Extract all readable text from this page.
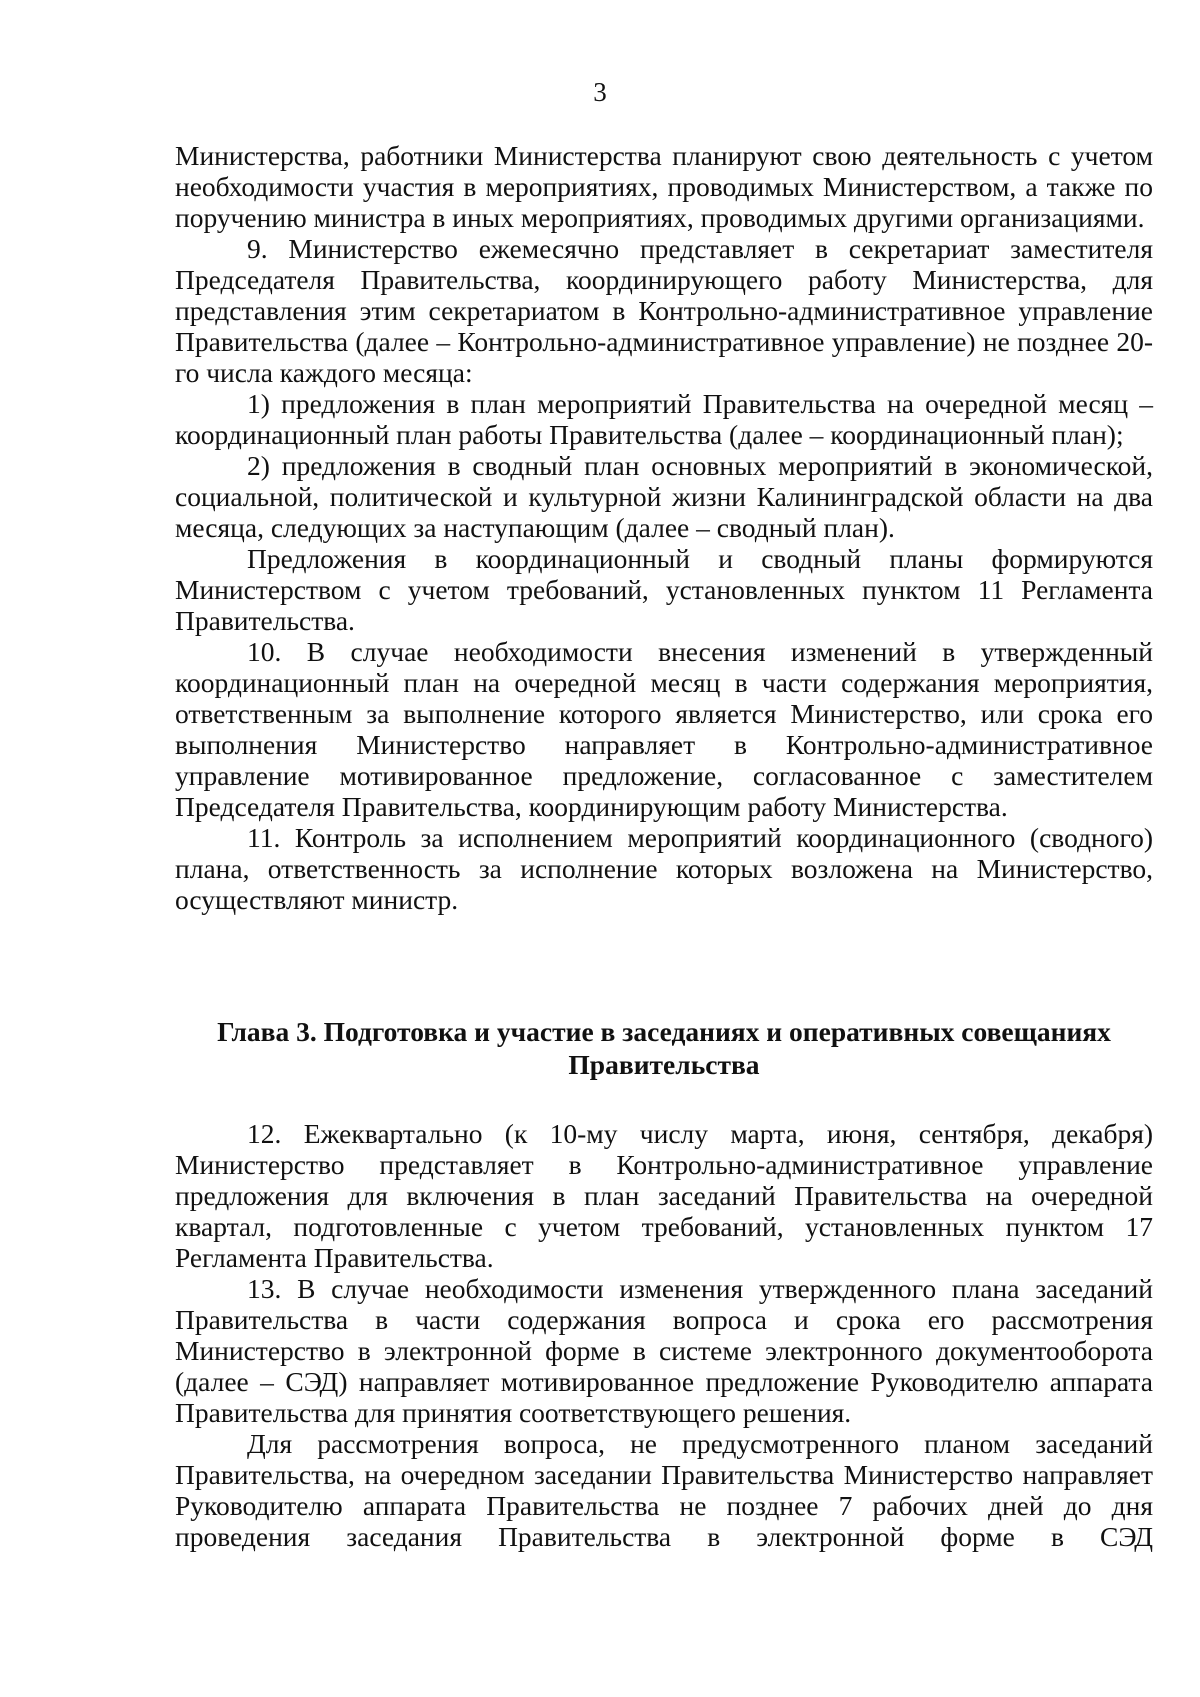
3

Министерства, работники Министерства планируют свою деятельность с учетом необходимости участия в мероприятиях, проводимых Министерством, а также по поручению министра в иных мероприятиях, проводимых другими организациями.

9. Министерство ежемесячно представляет в секретариат заместителя Председателя Правительства, координирующего работу Министерства, для представления этим секретариатом в Контрольно-административное управление Правительства (далее – Контрольно-административное управление) не позднее 20-го числа каждого месяца:

1) предложения в план мероприятий Правительства на очередной месяц – координационный план работы Правительства (далее – координационный план);

2) предложения в сводный план основных мероприятий в экономической, социальной, политической и культурной жизни Калининградской области на два месяца, следующих за наступающим (далее – сводный план).

Предложения в координационный и сводный планы формируются Министерством с учетом требований, установленных пунктом 11 Регламента Правительства.

10. В случае необходимости внесения изменений в утвержденный координационный план на очередной месяц в части содержания мероприятия, ответственным за выполнение которого является Министерство, или срока его выполнения Министерство направляет в Контрольно-административное управление мотивированное предложение, согласованное с заместителем Председателя Правительства, координирующим работу Министерства.

11. Контроль за исполнением мероприятий координационного (сводного) плана, ответственность за исполнение которых возложена на Министерство, осуществляют министр.

Глава 3. Подготовка и участие в заседаниях и оперативных совещаниях Правительства

12. Ежеквартально (к 10-му числу марта, июня, сентября, декабря) Министерство представляет в Контрольно-административное управление предложения для включения в план заседаний Правительства на очередной квартал, подготовленные с учетом требований, установленных пунктом 17 Регламента Правительства.

13. В случае необходимости изменения утвержденного плана заседаний Правительства в части содержания вопроса и срока его рассмотрения Министерство в электронной форме в системе электронного документооборота (далее – СЭД) направляет мотивированное предложение Руководителю аппарата Правительства для принятия соответствующего решения.

Для рассмотрения вопроса, не предусмотренного планом заседаний Правительства, на очередном заседании Правительства Министерство направляет Руководителю аппарата Правительства не позднее 7 рабочих дней до дня проведения заседания Правительства в электронной форме в СЭД
